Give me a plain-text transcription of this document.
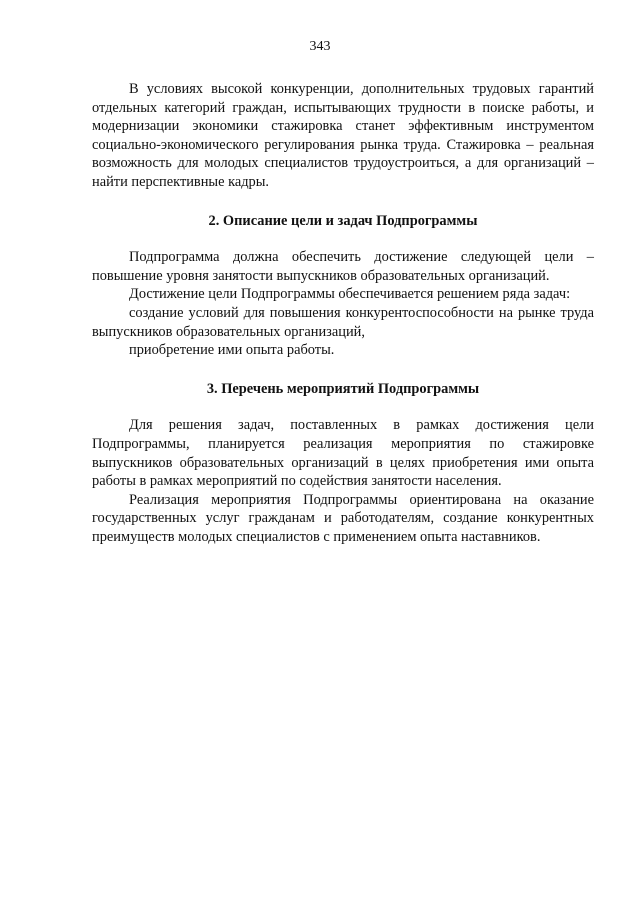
343

В условиях высокой конкуренции, дополнительных трудовых гарантий отдельных категорий граждан, испытывающих трудности в поиске работы, и модернизации экономики стажировка станет эффективным инструментом социально-экономического регулирования рынка труда. Стажировка – реальная возможность для молодых специалистов трудоустроиться, а для организаций – найти перспективные кадры.

2. Описание цели и задач Подпрограммы

Подпрограмма должна обеспечить достижение следующей цели – повышение уровня занятости выпускников образовательных организаций.

Достижение цели Подпрограммы обеспечивается решением ряда задач:

создание условий для повышения конкурентоспособности на рынке труда выпускников образовательных организаций,

приобретение ими опыта работы.

3. Перечень мероприятий Подпрограммы

Для решения задач, поставленных в рамках достижения цели Подпрограммы, планируется реализация мероприятия по стажировке выпускников образовательных организаций в целях приобретения ими опыта работы в рамках мероприятий по содействия занятости населения.

Реализация мероприятия Подпрограммы ориентирована на оказание государственных услуг гражданам и работодателям, создание конкурентных преимуществ молодых специалистов с применением опыта наставников.
